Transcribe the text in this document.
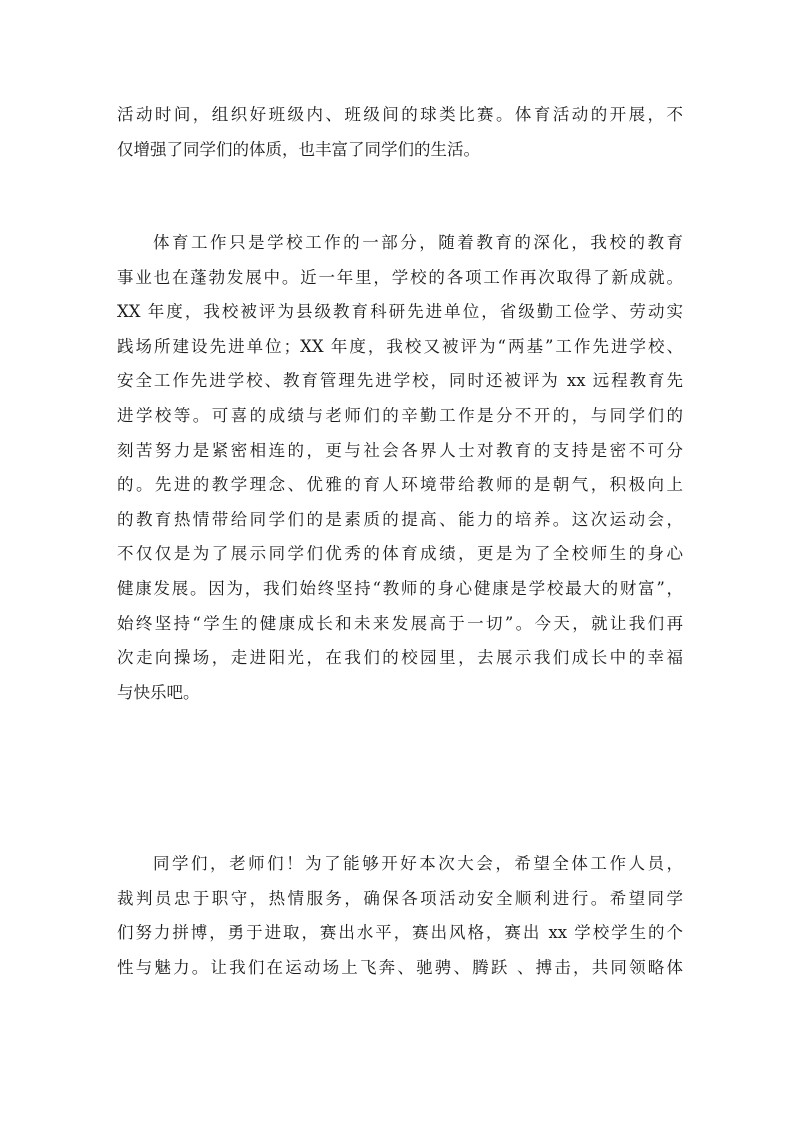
活动时间，组织好班级内、班级间的球类比赛。体育活动的开展，不
仅增强了同学们的体质，也丰富了同学们的生活。
体育工作只是学校工作的一部分，随着教育的深化，我校的教育
事业也在蓬勃发展中。近一年里，学校的各项工作再次取得了新成就。
XX 年度，我校被评为县级教育科研先进单位，省级勤工俭学、劳动实
践场所建设先进单位；XX 年度，我校又被评为“两基”工作先进学校、
安全工作先进学校、教育管理先进学校，同时还被评为 xx 远程教育先
进学校等。可喜的成绩与老师们的辛勤工作是分不开的，与同学们的
刻苦努力是紧密相连的，更与社会各界人士对教育的支持是密不可分
的。先进的教学理念、优雅的育人环境带给教师的是朝气，积极向上
的教育热情带给同学们的是素质的提高、能力的培养。这次运动会，
不仅仅是为了展示同学们优秀的体育成绩，更是为了全校师生的身心
健康发展。因为，我们始终坚持“教师的身心健康是学校最大的财富”，
始终坚持“学生的健康成长和未来发展高于一切”。今天，就让我们再
次走向操场，走进阳光，在我们的校园里，去展示我们成长中的幸福
与快乐吧。
同学们，老师们！为了能够开好本次大会，希望全体工作人员，
裁判员忠于职守，热情服务，确保各项活动安全顺利进行。希望同学
们努力拼博，勇于进取，赛出水平，赛出风格，赛出 xx 学校学生的个
性与魅力。让我们在运动场上飞奔、驰骋、腾跃 、搏击，共同领略体
